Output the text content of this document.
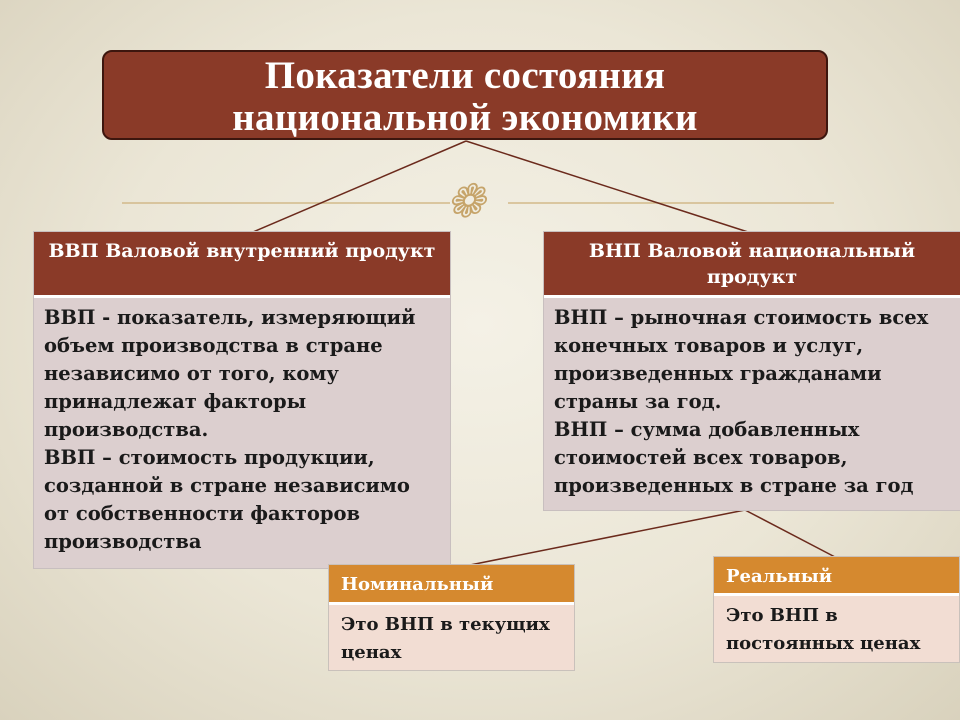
❁
Показатели состояния
национальной экономики
ВВП Валовой внутренний продукт

ВВП - показатель, измеряющий объем производства в стране независимо от того, кому принадлежат факторы производства.

ВВП – стоимость продукции, созданной в стране независимо от собственности факторов производства

ВНП Валовой национальный продукт

ВНП – рыночная стоимость всех конечных товаров и услуг, произведенных гражданами страны за год.

ВНП – сумма добавленных стоимостей всех товаров, произведенных в стране за год

Номинальный
Это ВНП в текущих ценах
Реальный
Это ВНП в постоянных ценах
